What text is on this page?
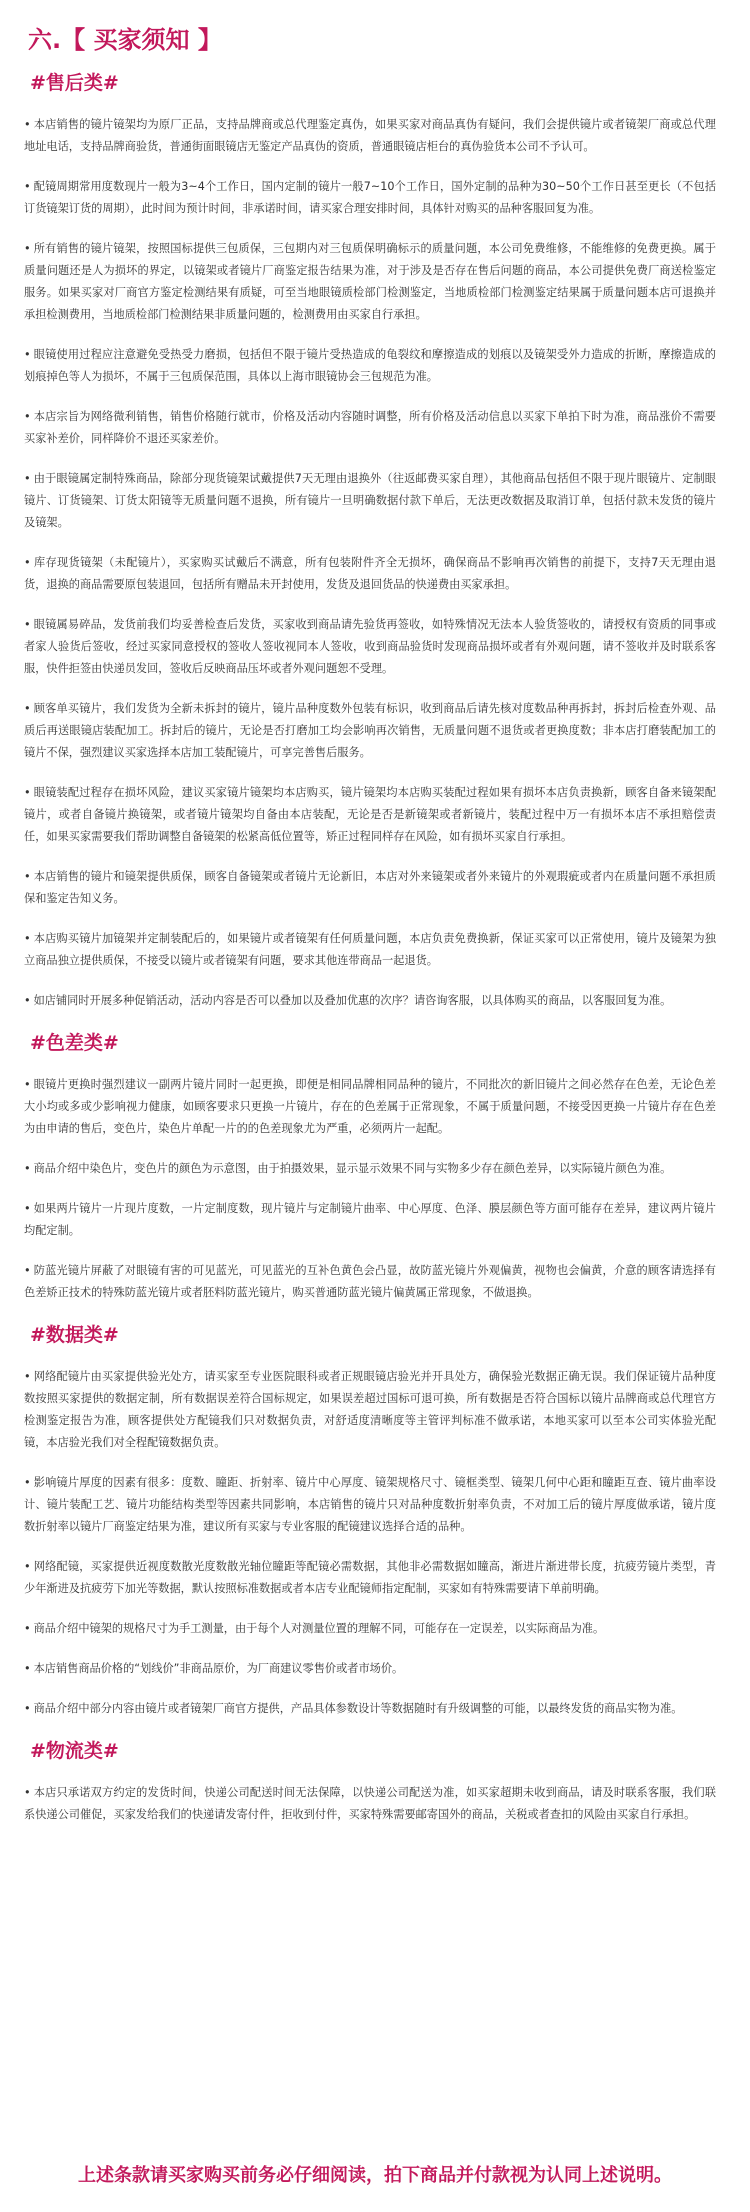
六.【 买家须知 】
#售后类#
• 本店销售的镜片镜架均为原厂正品，支持品牌商或总代理鉴定真伪，如果买家对商品真伪有疑问，我们会提供镜片或者镜架厂商或总代理地址电话，支持品牌商验货，普通街面眼镜店无鉴定产品真伪的资质，普通眼镜店柜台的真伪验货本公司不予认可。
• 配镜周期常用度数现片一般为3~4个工作日，国内定制的镜片一般7~10个工作日，国外定制的品种为30~50个工作日甚至更长（不包括订货镜架订货的周期），此时间为预计时间，非承诺时间，请买家合理安排时间，具体针对购买的品种客服回复为准。
• 所有销售的镜片镜架，按照国标提供三包质保，三包期内对三包质保明确标示的质量问题，本公司免费维修，不能维修的免费更换。属于质量问题还是人为损坏的界定，以镜架或者镜片厂商鉴定报告结果为准，对于涉及是否存在售后问题的商品，本公司提供免费厂商送检鉴定服务。如果买家对厂商官方鉴定检测结果有质疑，可至当地眼镜质检部门检测鉴定，当地质检部门检测鉴定结果属于质量问题本店可退换并承担检测费用，当地质检部门检测结果非质量问题的，检测费用由买家自行承担。
• 眼镜使用过程应注意避免受热受力磨损，包括但不限于镜片受热造成的龟裂纹和摩擦造成的划痕以及镜架受外力造成的折断，摩擦造成的划痕掉色等人为损坏，不属于三包质保范围，具体以上海市眼镜协会三包规范为准。
• 本店宗旨为网络微利销售，销售价格随行就市，价格及活动内容随时调整，所有价格及活动信息以买家下单拍下时为准，商品涨价不需要买家补差价，同样降价不退还买家差价。
• 由于眼镜属定制特殊商品，除部分现货镜架试戴提供7天无理由退换外（往返邮费买家自理），其他商品包括但不限于现片眼镜片、定制眼镜片、订货镜架、订货太阳镜等无质量问题不退换，所有镜片一旦明确数据付款下单后，无法更改数据及取消订单，包括付款未发货的镜片及镜架。
• 库存现货镜架（未配镜片），买家购买试戴后不满意，所有包装附件齐全无损坏，确保商品不影响再次销售的前提下，支持7天无理由退货，退换的商品需要原包装退回，包括所有赠品未开封使用，发货及退回货品的快递费由买家承担。
• 眼镜属易碎品，发货前我们均妥善检查后发货，买家收到商品请先验货再签收，如特殊情况无法本人验货签收的，请授权有资质的同事或者家人验货后签收，经过买家同意授权的签收人签收视同本人签收，收到商品验货时发现商品损坏或者有外观问题，请不签收并及时联系客服，快件拒签由快递员发回，签收后反映商品压坏或者外观问题恕不受理。
• 顾客单买镜片，我们发货为全新未拆封的镜片，镜片品种度数外包装有标识，收到商品后请先核对度数品种再拆封，拆封后检查外观、品质后再送眼镜店装配加工。拆封后的镜片，无论是否打磨加工均会影响再次销售，无质量问题不退货或者更换度数；非本店打磨装配加工的镜片不保，强烈建议买家选择本店加工装配镜片，可享完善售后服务。
• 眼镜装配过程存在损坏风险，建议买家镜片镜架均本店购买，镜片镜架均本店购买装配过程如果有损坏本店负责换新，顾客自备来镜架配镜片，或者自备镜片换镜架，或者镜片镜架均自备由本店装配，无论是否是新镜架或者新镜片，装配过程中万一有损坏本店不承担赔偿责任，如果买家需要我们帮助调整自备镜架的松紧高低位置等，矫正过程同样存在风险，如有损坏买家自行承担。
• 本店销售的镜片和镜架提供质保，顾客自备镜架或者镜片无论新旧，本店对外来镜架或者外来镜片的外观瑕疵或者内在质量问题不承担质保和鉴定告知义务。
• 本店购买镜片加镜架并定制装配后的，如果镜片或者镜架有任何质量问题，本店负责免费换新，保证买家可以正常使用，镜片及镜架为独立商品独立提供质保，不接受以镜片或者镜架有问题，要求其他连带商品一起退货。
• 如店铺同时开展多种促销活动，活动内容是否可以叠加以及叠加优惠的次序？请咨询客服，以具体购买的商品，以客服回复为准。
#色差类#
• 眼镜片更换时强烈建议一副两片镜片同时一起更换，即便是相同品牌相同品种的镜片，不同批次的新旧镜片之间必然存在色差，无论色差大小均或多或少影响视力健康，如顾客要求只更换一片镜片，存在的色差属于正常现象，不属于质量问题，不接受因更换一片镜片存在色差为由申请的售后，变色片，染色片单配一片的的色差现象尤为严重，必须两片一起配。
• 商品介绍中染色片，变色片的颜色为示意图，由于拍摄效果，显示显示效果不同与实物多少存在颜色差异，以实际镜片颜色为准。
• 如果两片镜片一片现片度数，一片定制度数，现片镜片与定制镜片曲率、中心厚度、色泽、膜层颜色等方面可能存在差异，建议两片镜片均配定制。
• 防蓝光镜片屏蔽了对眼镜有害的可见蓝光，可见蓝光的互补色黄色会凸显，故防蓝光镜片外观偏黄，视物也会偏黄，介意的顾客请选择有色差矫正技术的特殊防蓝光镜片或者胚料防蓝光镜片，购买普通防蓝光镜片偏黄属正常现象，不做退换。
#数据类#
• 网络配镜片由买家提供验光处方，请买家至专业医院眼科或者正规眼镜店验光并开具处方，确保验光数据正确无误。我们保证镜片品种度数按照买家提供的数据定制，所有数据误差符合国标规定，如果误差超过国标可退可换，所有数据是否符合国标以镜片品牌商或总代理官方检测鉴定报告为准，顾客提供处方配镜我们只对数据负责，对舒适度清晰度等主管评判标准不做承诺，本地买家可以至本公司实体验光配镜，本店验光我们对全程配镜数据负责。
• 影响镜片厚度的因素有很多：度数、瞳距、折射率、镜片中心厚度、镜架规格尺寸、镜框类型、镜架几何中心距和瞳距互查、镜片曲率设计、镜片装配工艺、镜片功能结构类型等因素共同影响，本店销售的镜片只对品种度数折射率负责，不对加工后的镜片厚度做承诺，镜片度数折射率以镜片厂商鉴定结果为准，建议所有买家与专业客服的配镜建议选择合适的品种。
• 网络配镜，买家提供近视度数散光度数散光轴位瞳距等配镜必需数据，其他非必需数据如瞳高，渐进片渐进带长度，抗疲劳镜片类型，青少年渐进及抗疲劳下加光等数据，默认按照标准数据或者本店专业配镜师指定配制，买家如有特殊需要请下单前明确。
• 商品介绍中镜架的规格尺寸为手工测量，由于每个人对测量位置的理解不同，可能存在一定误差，以实际商品为准。
• 本店销售商品价格的“划线价”非商品原价，为厂商建议零售价或者市场价。
• 商品介绍中部分内容由镜片或者镜架厂商官方提供，产品具体参数设计等数据随时有升级调整的可能，以最终发货的商品实物为准。
#物流类#
• 本店只承诺双方约定的发货时间，快递公司配送时间无法保障，以快递公司配送为准，如买家超期未收到商品，请及时联系客服，我们联系快递公司催促，买家发给我们的快递请发寄付件，拒收到付件，买家特殊需要邮寄国外的商品，关税或者查扣的风险由买家自行承担。
上述条款请买家购买前务必仔细阅读，拍下商品并付款视为认同上述说明。
